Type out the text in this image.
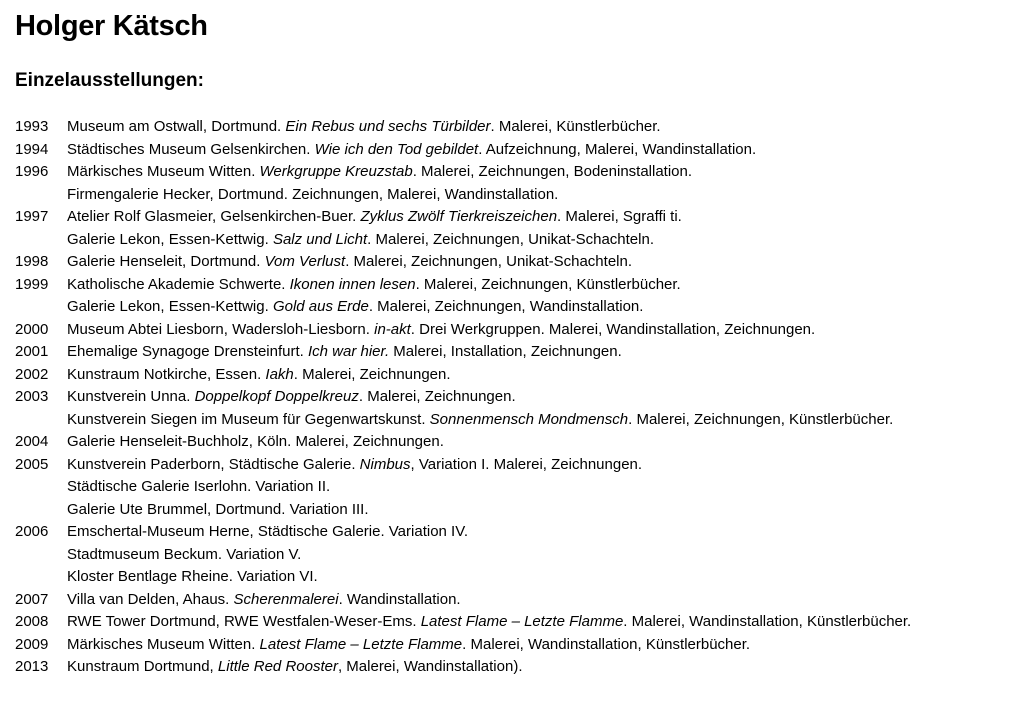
Holger Kätsch
Einzelausstellungen:
1993	Museum am Ostwall, Dortmund. Ein Rebus und sechs Türbilder. Malerei, Künstlerbücher.
1994	Städtisches Museum Gelsenkirchen. Wie ich den Tod gebildet. Aufzeichnung, Malerei, Wandinstallation.
1996	Märkisches Museum Witten. Werkgruppe Kreuzstab. Malerei, Zeichnungen, Bodeninstallation.
Firmengalerie Hecker, Dortmund. Zeichnungen, Malerei, Wandinstallation.
1997	Atelier Rolf Glasmeier, Gelsenkirchen-Buer. Zyklus Zwölf Tierkreiszeichen. Malerei, Sgraffi ti.
Galerie Lekon, Essen-Kettwig. Salz und Licht. Malerei, Zeichnungen, Unikat-Schachteln.
1998	Galerie Henseleit, Dortmund. Vom Verlust. Malerei, Zeichnungen, Unikat-Schachteln.
1999	Katholische Akademie Schwerte. Ikonen innen lesen. Malerei, Zeichnungen, Künstlerbücher.
Galerie Lekon, Essen-Kettwig. Gold aus Erde. Malerei, Zeichnungen, Wandinstallation.
2000	Museum Abtei Liesborn, Wadersloh-Liesborn. in-akt. Drei Werkgruppen. Malerei, Wandinstallation, Zeichnungen.
2001	Ehemalige Synagoge Drensteinfurt. Ich war hier. Malerei, Installation, Zeichnungen.
2002	Kunstraum Notkirche, Essen. Iakh. Malerei, Zeichnungen.
2003	Kunstverein Unna. Doppelkopf Doppelkreuz. Malerei, Zeichnungen.
Kunstverein Siegen im Museum für Gegenwartskunst. Sonnenmensch Mondmensch. Malerei, Zeichnungen, Künstlerbücher.
2004	Galerie Henseleit-Buchholz, Köln. Malerei, Zeichnungen.
2005	Kunstverein Paderborn, Städtische Galerie. Nimbus, Variation I. Malerei, Zeichnungen.
Städtische Galerie Iserlohn. Variation II.
Galerie Ute Brummel, Dortmund. Variation III.
2006	Emschertal-Museum Herne, Städtische Galerie. Variation IV.
Stadtmuseum Beckum. Variation V.
Kloster Bentlage Rheine. Variation VI.
2007	Villa van Delden, Ahaus. Scherenmalerei. Wandinstallation.
2008	RWE Tower Dortmund, RWE Westfalen-Weser-Ems. Latest Flame – Letzte Flamme. Malerei, Wandinstallation, Künstlerbücher.
2009	Märkisches Museum Witten. Latest Flame – Letzte Flamme. Malerei, Wandinstallation, Künstlerbücher.
2013	Kunstraum Dortmund, Little Red Rooster, Malerei, Wandinstallation).
